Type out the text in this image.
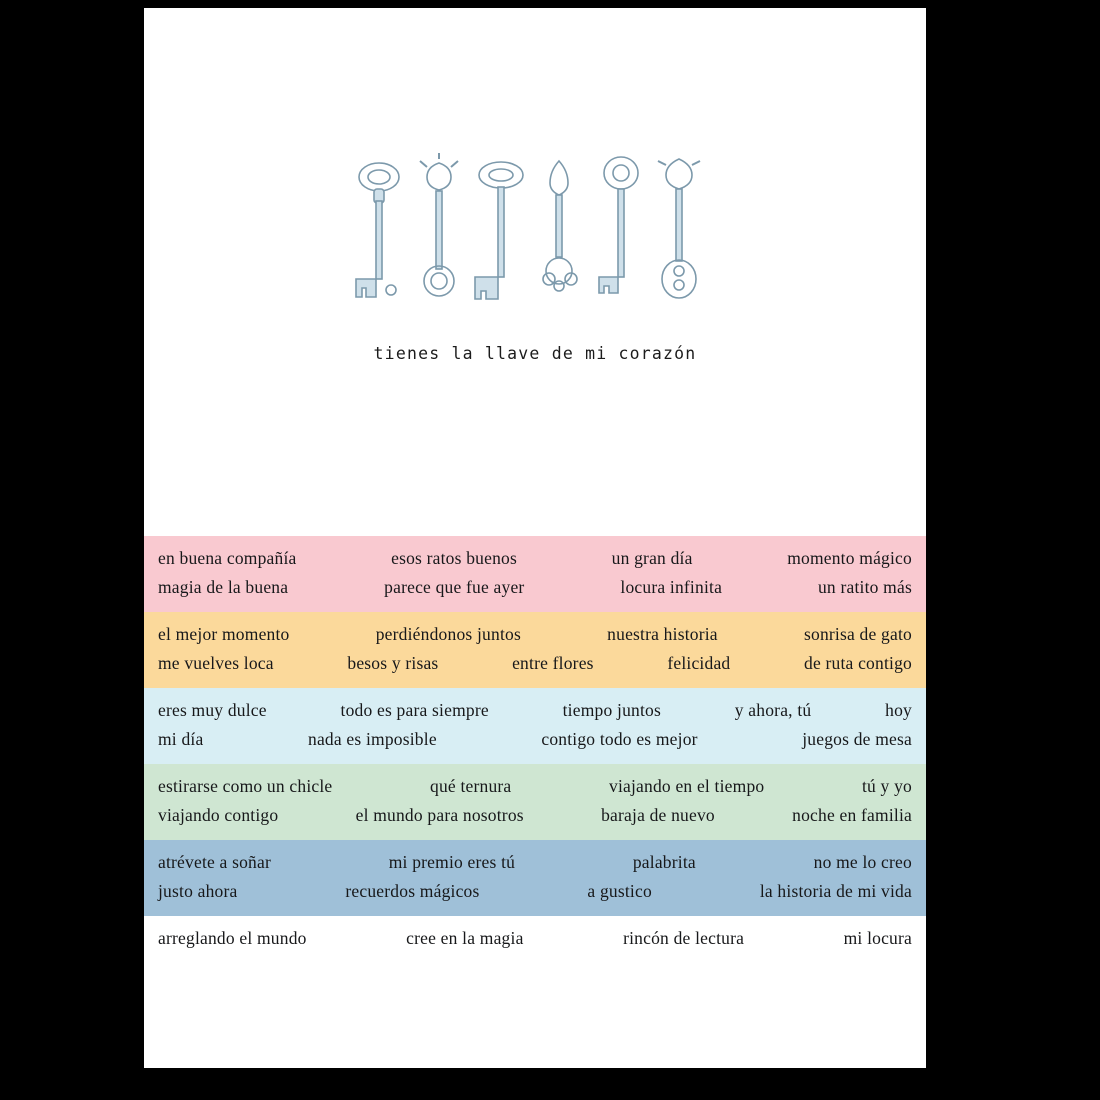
tienes la llave de mi corazón
en buena compañía	esos ratos buenos	un gran día	momento mágico
magia de la buena	parece que fue ayer	locura infinita	un ratito más
el mejor momento	perdiéndonos juntos	nuestra historia	sonrisa de gato
me vuelves loca	besos y risas	entre flores	felicidad	de ruta contigo
eres muy dulce	todo es para siempre	tiempo juntos	y ahora, tú	hoy
mi día	nada es imposible	contigo todo es mejor	juegos de mesa
estirarse como un chicle	qué ternura	viajando en el tiempo	tú y yo
viajando contigo	el mundo para nosotros	baraja de nuevo	noche en familia
atrévete a soñar	mi premio eres tú	palabrita	no me lo creo
justo ahora	recuerdos mágicos	a gustico	la historia de mi vida
arreglando el mundo	cree en la magia	rincón de lectura	mi locura
